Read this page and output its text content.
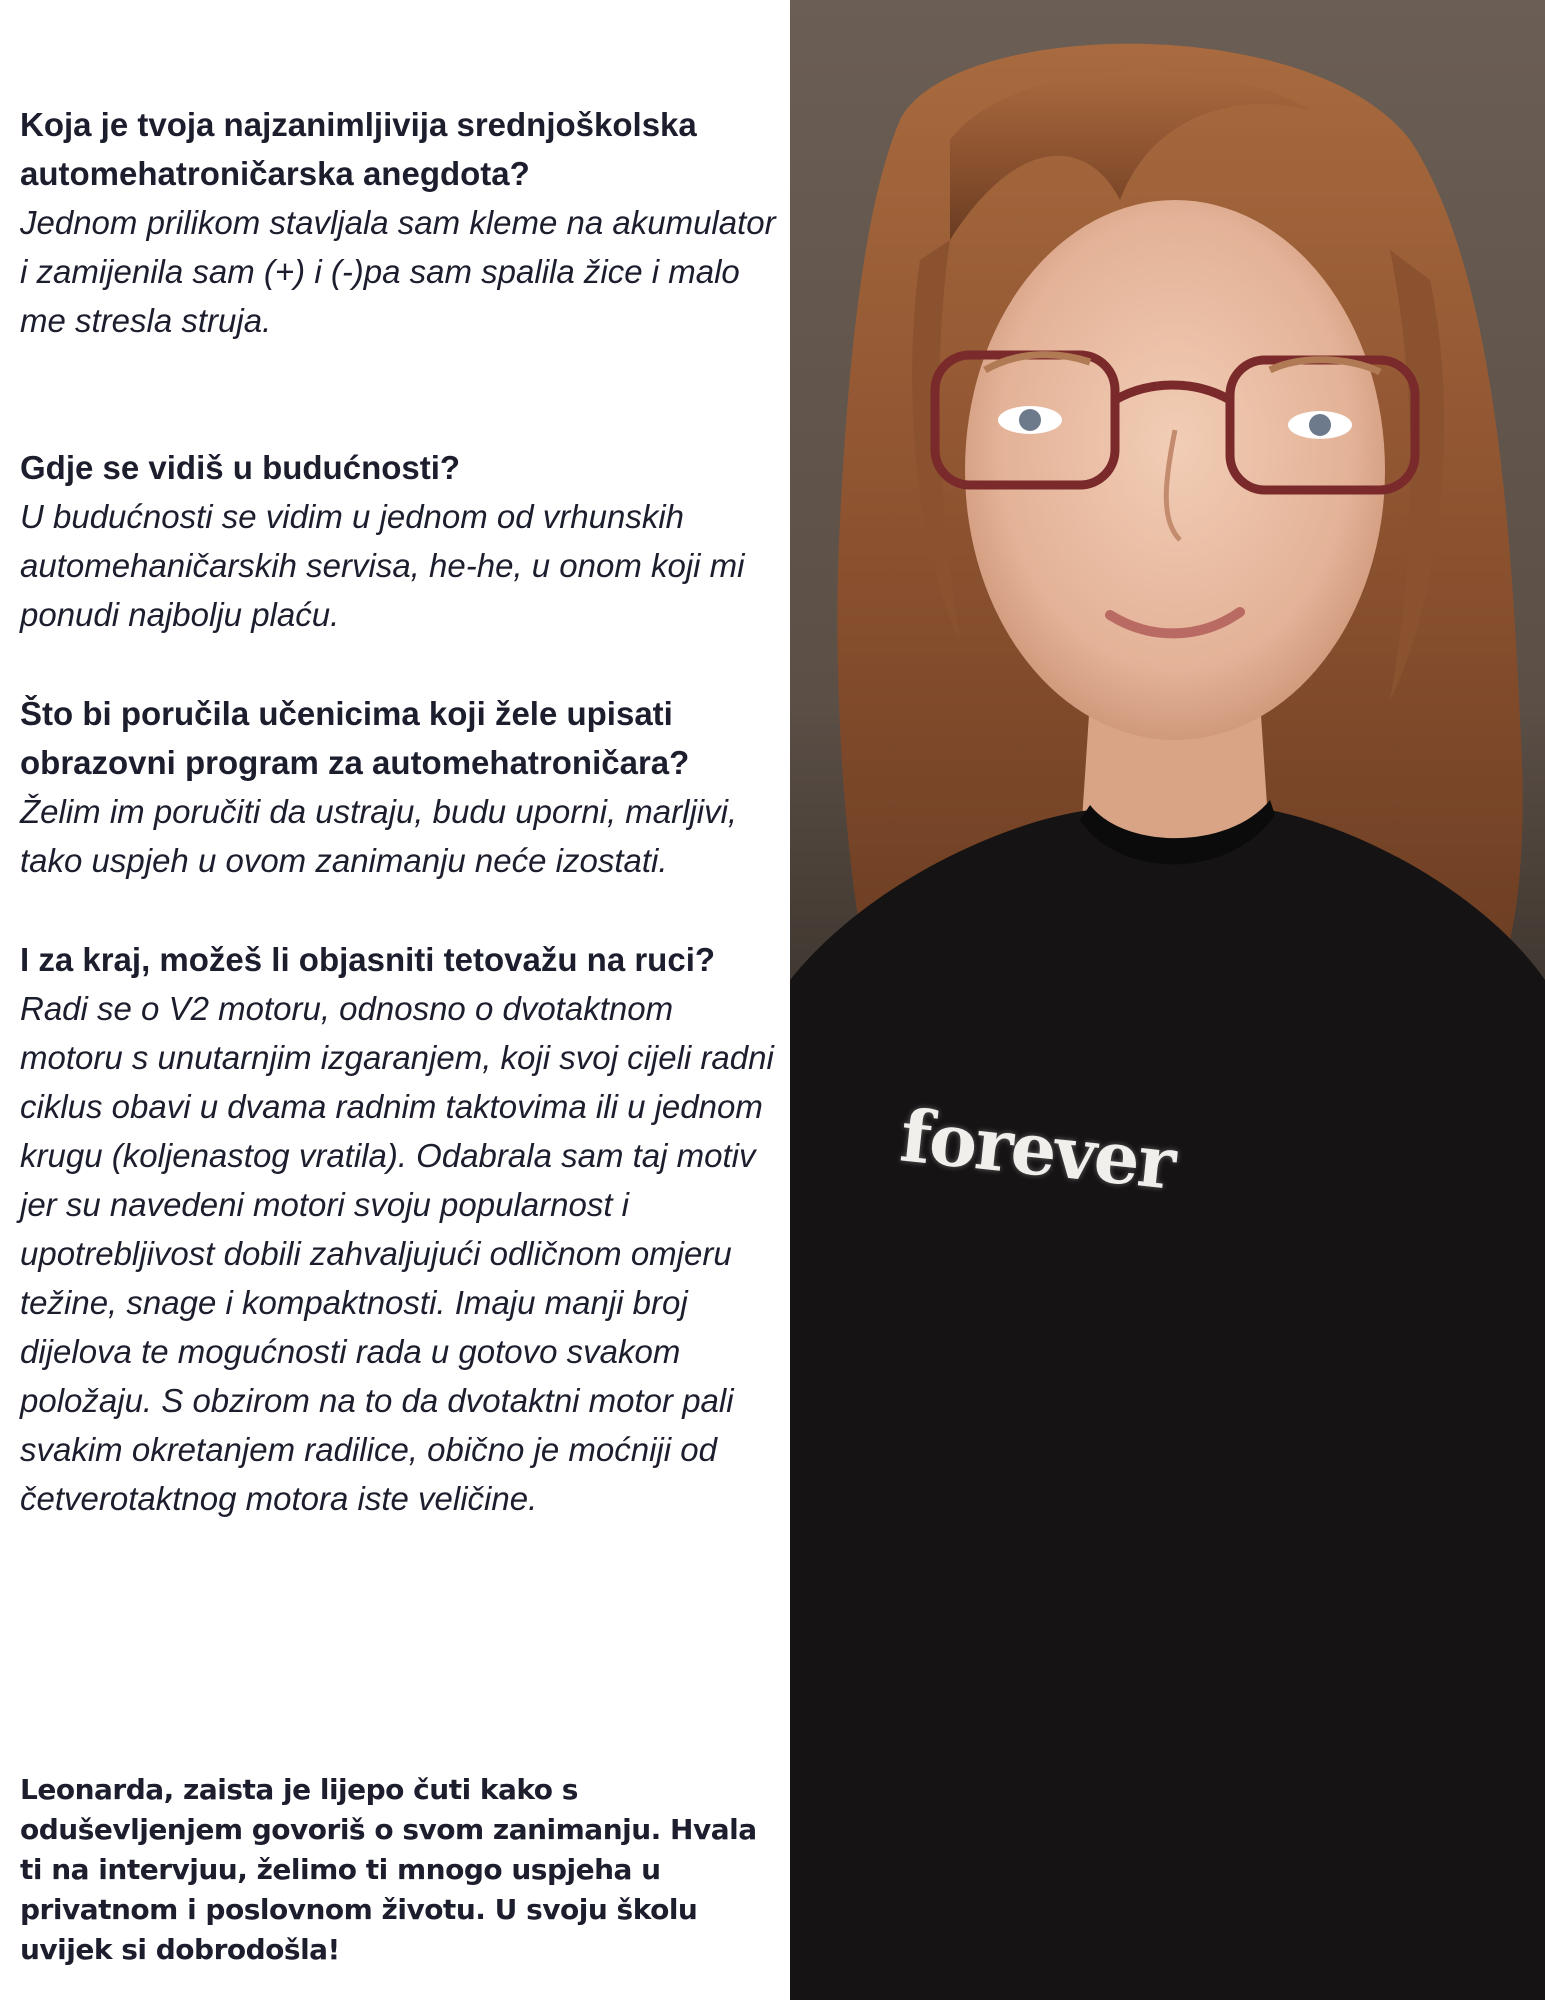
Koja je tvoja najzanimljivija srednjoškolska automehatroničarska anegdota?

Jednom prilikom stavljala sam kleme na akumulator i zamijenila sam (+) i (-)pa sam spalila žice i malo me stresla struja.

Gdje se vidiš u budućnosti?

U budućnosti se vidim u jednom od vrhunskih automehaničarskih servisa, he-he, u onom koji mi ponudi najbolju plaću.

Što bi poručila učenicima koji žele upisati obrazovni program za automehatroničara?

Želim im poručiti da ustraju, budu uporni, marljivi, tako uspjeh u ovom zanimanju neće izostati.

I za kraj, možeš li objasniti tetovažu na ruci?

Radi se o V2 motoru, odnosno o dvotaktnom motoru s unutarnjim izgaranjem, koji svoj cijeli radni ciklus obavi u dvama radnim taktovima ili u jednom krugu (koljenastog vratila). Odabrala sam taj motiv jer su navedeni motori svoju popularnost i upotrebljivost dobili zahvaljujući odličnom omjeru težine, snage i kompaktnosti. Imaju manji broj dijelova te mogućnosti rada u gotovo svakom položaju. S obzirom na to da dvotaktni motor pali svakim okretanjem radilice, obično je moćniji od četverotaktnog motora iste veličine.

Leonarda, zaista je lijepo čuti kako s oduševljenjem govoriš o svom zanimanju. Hvala ti na intervjuu, želimo ti mnogo uspjeha u privatnom i poslovnom životu. U svoju školu uvijek si dobrodošla!

forever
